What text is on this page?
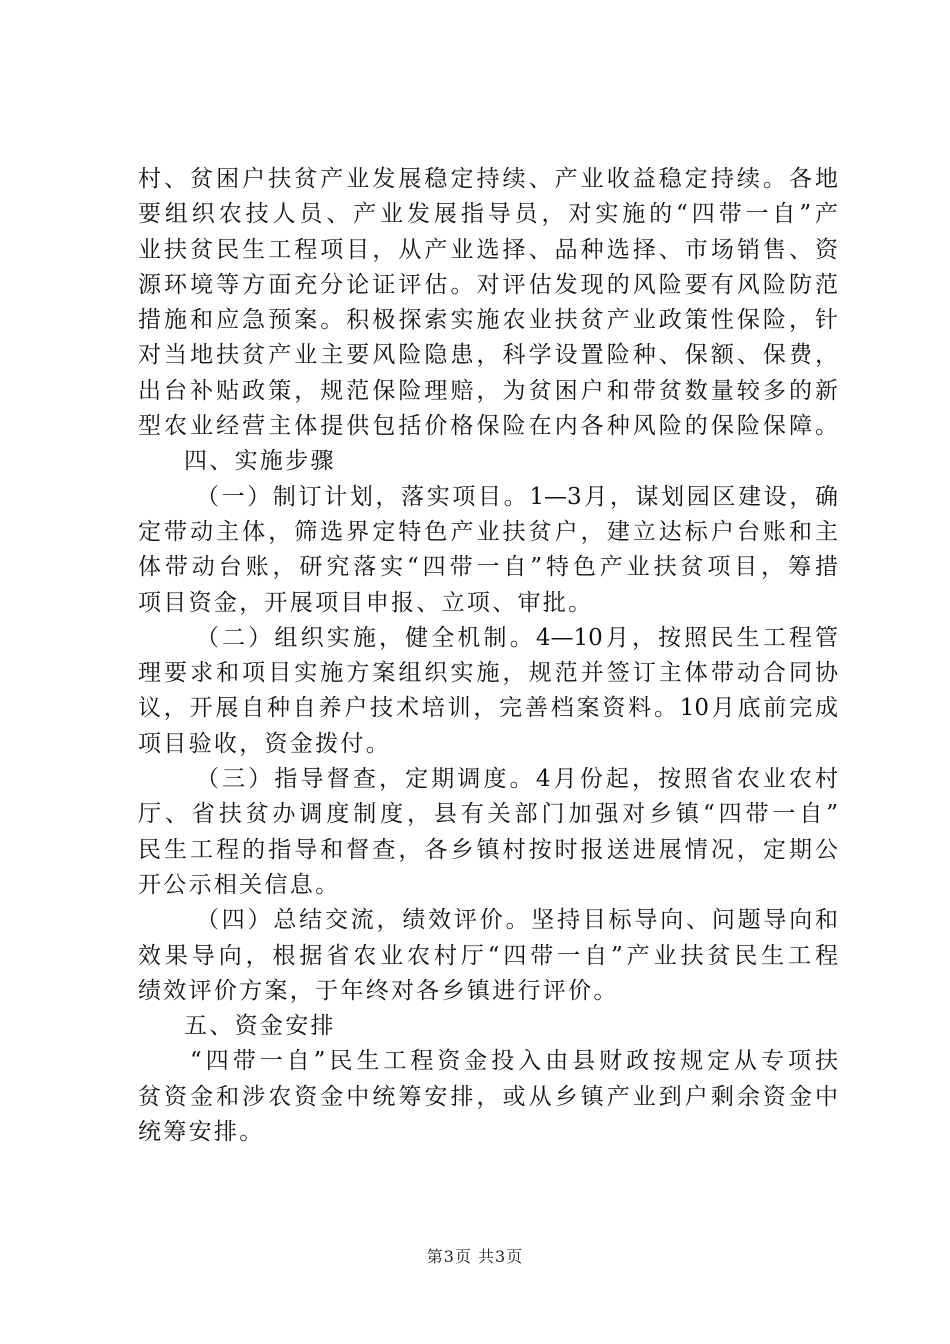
村、贫困户扶贫产业发展稳定持续、产业收益稳定持续。各地
要组织农技人员、产业发展指导员，对实施的“四带一自”产
业扶贫民生工程项目，从产业选择、品种选择、市场销售、资
源环境等方面充分论证评估。对评估发现的风险要有风险防范
措施和应急预案。积极探索实施农业扶贫产业政策性保险，针
对当地扶贫产业主要风险隐患，科学设置险种、保额、保费，
出台补贴政策，规范保险理赔，为贫困户和带贫数量较多的新
型农业经营主体提供包括价格保险在内各种风险的保险保障。
四、实施步骤
（一）制订计划，落实项目。1—3月，谋划园区建设，确
定带动主体，筛选界定特色产业扶贫户，建立达标户台账和主
体带动台账，研究落实“四带一自”特色产业扶贫项目，筹措
项目资金，开展项目申报、立项、审批。
（二）组织实施，健全机制。4—10月，按照民生工程管
理要求和项目实施方案组织实施，规范并签订主体带动合同协
议，开展自种自养户技术培训，完善档案资料。10月底前完成
项目验收，资金拨付。
（三）指导督查，定期调度。4月份起，按照省农业农村
厅、省扶贫办调度制度，县有关部门加强对乡镇“四带一自”
民生工程的指导和督查，各乡镇村按时报送进展情况，定期公
开公示相关信息。
（四）总结交流，绩效评价。坚持目标导向、问题导向和
效果导向，根据省农业农村厅“四带一自”产业扶贫民生工程
绩效评价方案，于年终对各乡镇进行评价。
五、资金安排
“四带一自”民生工程资金投入由县财政按规定从专项扶
贫资金和涉农资金中统筹安排，或从乡镇产业到户剩余资金中
统筹安排。
第3页 共3页
